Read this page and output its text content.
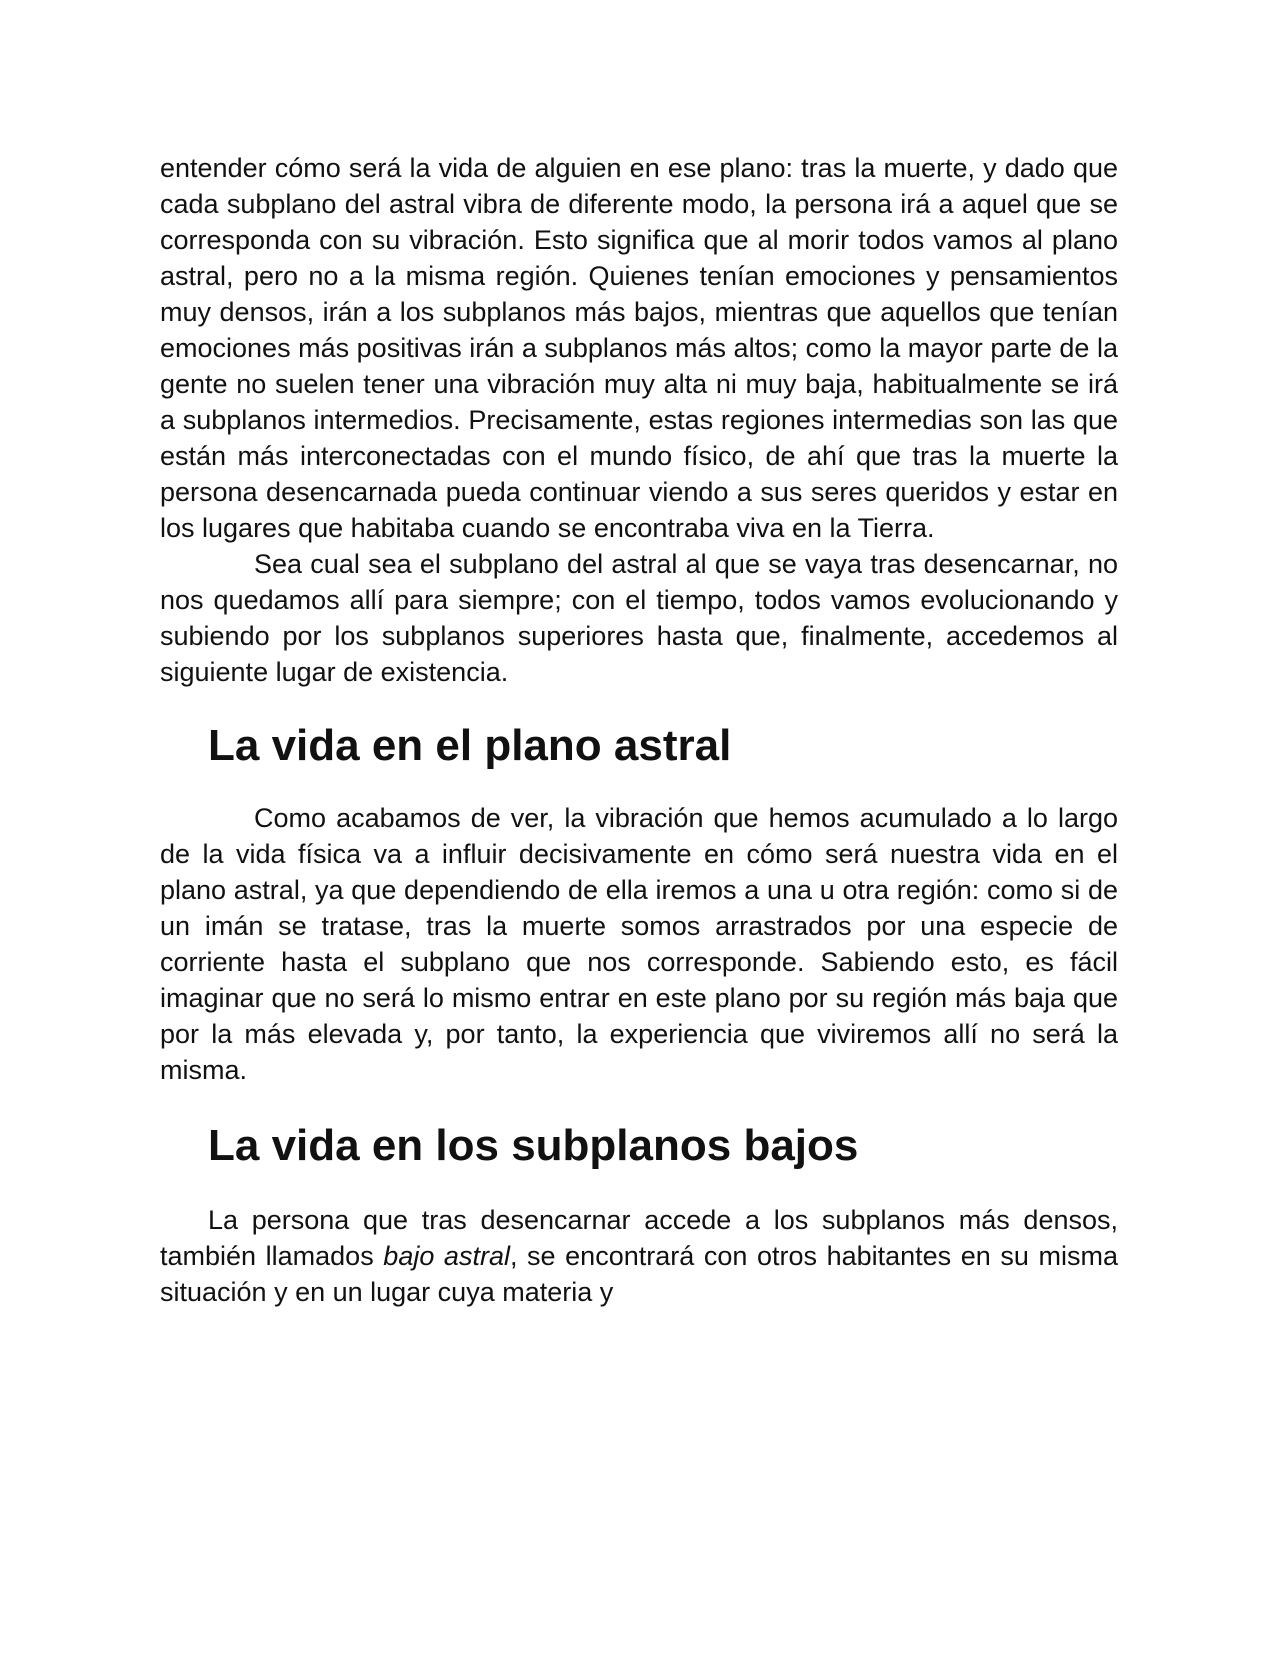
entender cómo será la vida de alguien en ese plano: tras la muerte, y dado que cada subplano del astral vibra de diferente modo, la persona irá a aquel que se corresponda con su vibración. Esto significa que al morir todos vamos al plano astral, pero no a la misma región. Quienes tenían emociones y pensamientos muy densos, irán a los subplanos más bajos, mientras que aquellos que tenían emociones más positivas irán a subplanos más altos; como la mayor parte de la gente no suelen tener una vibración muy alta ni muy baja, habitualmente se irá a subplanos intermedios. Precisamente, estas regiones intermedias son las que están más interconectadas con el mundo físico, de ahí que tras la muerte la persona desencarnada pueda continuar viendo a sus seres queridos y estar en los lugares que habitaba cuando se encontraba viva en la Tierra.

Sea cual sea el subplano del astral al que se vaya tras desencarnar, no nos quedamos allí para siempre; con el tiempo, todos vamos evolucionando y subiendo por los subplanos superiores hasta que, finalmente, accedemos al siguiente lugar de existencia.

La vida en el plano astral

Como acabamos de ver, la vibración que hemos acumulado a lo largo de la vida física va a influir decisivamente en cómo será nuestra vida en el plano astral, ya que dependiendo de ella iremos a una u otra región: como si de un imán se tratase, tras la muerte somos arrastrados por una especie de corriente hasta el subplano que nos corresponde. Sabiendo esto, es fácil imaginar que no será lo mismo entrar en este plano por su región más baja que por la más elevada y, por tanto, la experiencia que viviremos allí no será la misma.

La vida en los subplanos bajos

La persona que tras desencarnar accede a los subplanos más densos, también llamados bajo astral, se encontrará con otros habitantes en su misma situación y en un lugar cuya materia y
